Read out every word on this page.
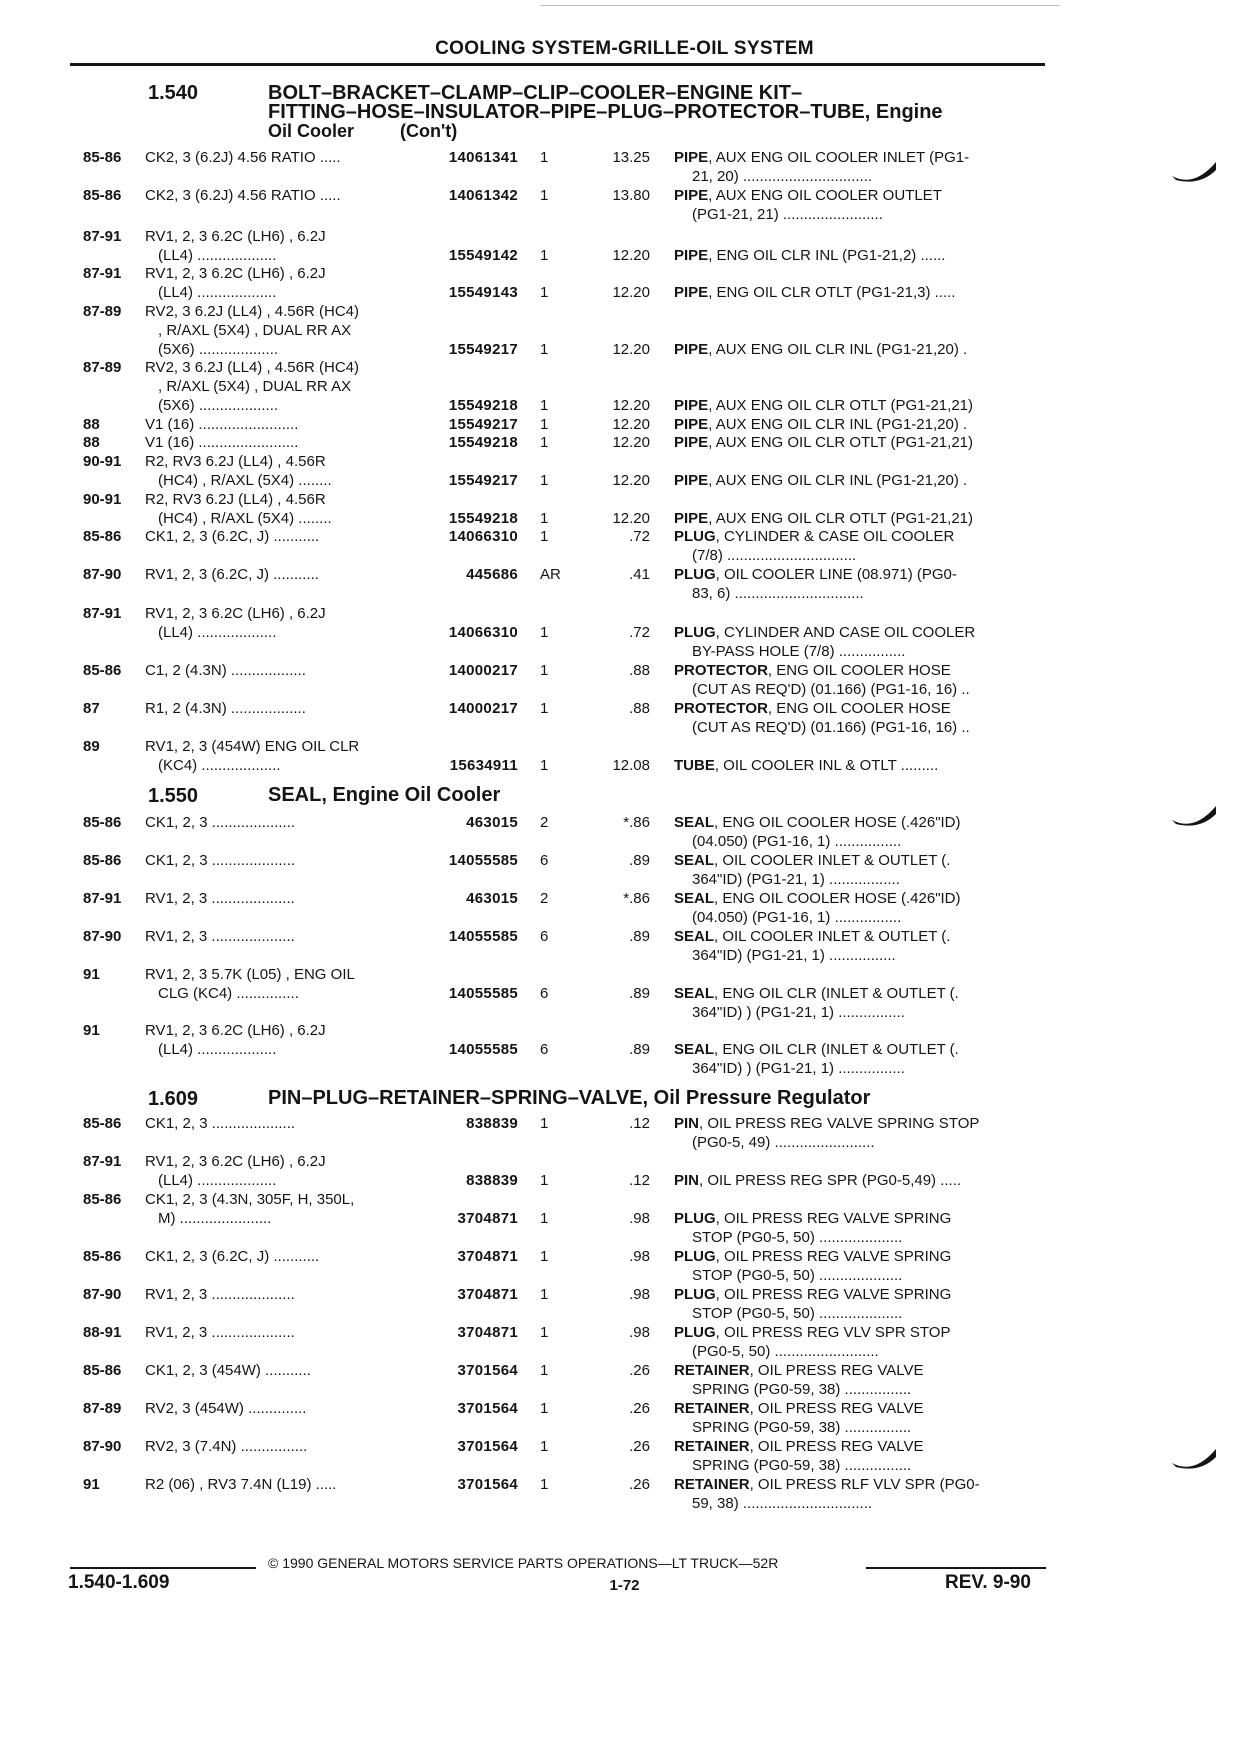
COOLING SYSTEM-GRILLE-OIL SYSTEM
1.540	BOLT–BRACKET–CLAMP–CLIP–COOLER–ENGINE KIT–
FITTING–HOSE–INSULATOR–PIPE–PLUG–PROTECTOR–TUBE, Engine
Oil Cooler	(Con't)
1.550	SEAL, Engine Oil Cooler
1.609	PIN–PLUG–RETAINER–SPRING–VALVE, Oil Pressure Regulator
85-86 CK2, 3 (6.2J) 4.56 RATIO .....	14061341 1	13.25 PIPE, AUX ENG OIL COOLER INLET (PG1-
21, 20) ...............................
85-86 CK2, 3 (6.2J) 4.56 RATIO .....	14061342 1	13.80 PIPE, AUX ENG OIL COOLER OUTLET
(PG1-21, 21) ........................
87-91 RV1, 2, 3 6.2C (LH6) , 6.2J
(LL4) ...................	15549142 1	12.20 PIPE, ENG OIL CLR INL (PG1-21,2) ......
87-91 RV1, 2, 3 6.2C (LH6) , 6.2J
(LL4) ...................	15549143 1	12.20 PIPE, ENG OIL CLR OTLT (PG1-21,3) .....
87-89 RV2, 3 6.2J (LL4) , 4.56R (HC4)
, R/AXL (5X4) , DUAL RR AX
(5X6) ...................	15549217 1	12.20 PIPE, AUX ENG OIL CLR INL (PG1-21,20) .
87-89 RV2, 3 6.2J (LL4) , 4.56R (HC4)
, R/AXL (5X4) , DUAL RR AX
(5X6) ...................	15549218 1	12.20 PIPE, AUX ENG OIL CLR OTLT (PG1-21,21)
88	V1 (16) ........................	15549217 1	12.20 PIPE, AUX ENG OIL CLR INL (PG1-21,20) .
88	V1 (16) ........................	15549218 1	12.20 PIPE, AUX ENG OIL CLR OTLT (PG1-21,21)
90-91 R2, RV3 6.2J (LL4) , 4.56R
(HC4) , R/AXL (5X4) ........	15549217 1	12.20 PIPE, AUX ENG OIL CLR INL (PG1-21,20) .
90-91 R2, RV3 6.2J (LL4) , 4.56R
(HC4) , R/AXL (5X4) ........	15549218 1	12.20 PIPE, AUX ENG OIL CLR OTLT (PG1-21,21)
85-86 CK1, 2, 3 (6.2C, J) ...........	14066310 1	.72 PLUG, CYLINDER & CASE OIL COOLER
(7/8) ...............................
87-90 RV1, 2, 3 (6.2C, J) ...........	445686 AR	.41 PLUG, OIL COOLER LINE (08.971) (PG0-
83, 6) ...............................
87-91 RV1, 2, 3 6.2C (LH6) , 6.2J
(LL4) ...................	14066310 1	.72 PLUG, CYLINDER AND CASE OIL COOLER
BY-PASS HOLE (7/8) ................
85-86 C1, 2 (4.3N) ..................	14000217 1	.88 PROTECTOR, ENG OIL COOLER HOSE
(CUT AS REQ'D) (01.166) (PG1-16, 16) ..
87	R1, 2 (4.3N) ..................	14000217 1	.88 PROTECTOR, ENG OIL COOLER HOSE
(CUT AS REQ'D) (01.166) (PG1-16, 16) ..
89	RV1, 2, 3 (454W) ENG OIL CLR
(KC4) ...................	15634911 1	12.08 TUBE, OIL COOLER INL & OTLT .........
85-86 CK1, 2, 3 ....................	463015 2	*.86 SEAL, ENG OIL COOLER HOSE (.426"ID)
(04.050) (PG1-16, 1) ................
85-86 CK1, 2, 3 ....................	14055585 6	.89 SEAL, OIL COOLER INLET & OUTLET (.
364"ID) (PG1-21, 1) .................
87-91 RV1, 2, 3 ....................	463015 2	*.86 SEAL, ENG OIL COOLER HOSE (.426"ID)
(04.050) (PG1-16, 1) ................
87-90 RV1, 2, 3 ....................	14055585 6	.89 SEAL, OIL COOLER INLET & OUTLET (.
364"ID) (PG1-21, 1) ................
91	RV1, 2, 3 5.7K (L05) , ENG OIL
CLG (KC4) ...............	14055585 6	.89 SEAL, ENG OIL CLR (INLET & OUTLET (.
364"ID) ) (PG1-21, 1) ................
91	RV1, 2, 3 6.2C (LH6) , 6.2J
(LL4) ...................	14055585 6	.89 SEAL, ENG OIL CLR (INLET & OUTLET (.
364"ID) ) (PG1-21, 1) ................
85-86 CK1, 2, 3 ....................	838839 1	.12 PIN, OIL PRESS REG VALVE SPRING STOP
(PG0-5, 49) ........................
87-91 RV1, 2, 3 6.2C (LH6) , 6.2J
(LL4) ...................	838839 1	.12 PIN, OIL PRESS REG SPR (PG0-5,49) .....
85-86 CK1, 2, 3 (4.3N, 305F, H, 350L,
M) ......................	3704871 1	.98 PLUG, OIL PRESS REG VALVE SPRING
STOP (PG0-5, 50) ....................
85-86 CK1, 2, 3 (6.2C, J) ...........	3704871 1	.98 PLUG, OIL PRESS REG VALVE SPRING
STOP (PG0-5, 50) ....................
87-90 RV1, 2, 3 ....................	3704871 1	.98 PLUG, OIL PRESS REG VALVE SPRING
STOP (PG0-5, 50) ....................
88-91 RV1, 2, 3 ....................	3704871 1	.98 PLUG, OIL PRESS REG VLV SPR STOP
(PG0-5, 50) .........................
85-86 CK1, 2, 3 (454W) ...........	3701564 1	.26 RETAINER, OIL PRESS REG VALVE
SPRING (PG0-59, 38) ................
87-89 RV2, 3 (454W) ..............	3701564 1	.26 RETAINER, OIL PRESS REG VALVE
SPRING (PG0-59, 38) ................
87-90 RV2, 3 (7.4N) ................	3701564 1	.26 RETAINER, OIL PRESS REG VALVE
SPRING (PG0-59, 38) ................
91	R2 (06) , RV3 7.4N (L19) .....	3701564 1	.26 RETAINER, OIL PRESS RLF VLV SPR (PG0-
59, 38) ...............................
© 1990 GENERAL MOTORS SERVICE PARTS OPERATIONS—LT TRUCK—52R
1.540-1.609	1-72	REV. 9-90
